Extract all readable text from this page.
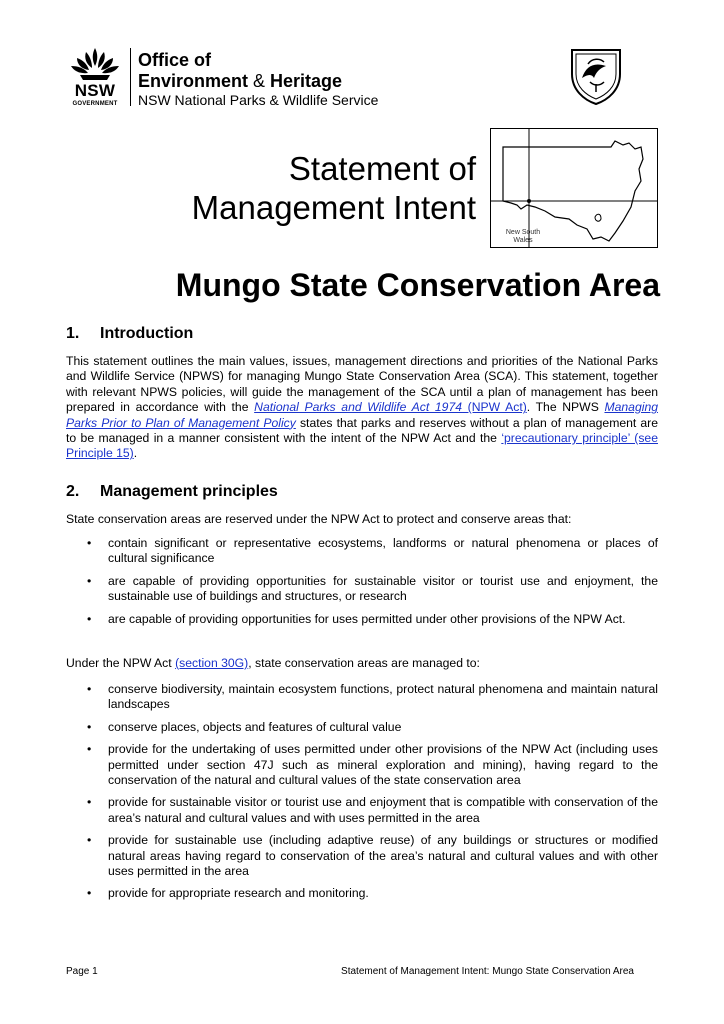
NSW
GOVERNMENT
Office of
Environment & Heritage
NSW National Parks & Wildlife Service
Statement of
Management Intent
New South Wales
Mungo State Conservation Area
1. Introduction
This statement outlines the main values, issues, management directions and priorities of the National Parks and Wildlife Service (NPWS) for managing Mungo State Conservation Area (SCA). This statement, together with relevant NPWS policies, will guide the management of the SCA until a plan of management has been prepared in accordance with the National Parks and Wildlife Act 1974 (NPW Act). The NPWS Managing Parks Prior to Plan of Management Policy states that parks and reserves without a plan of management are to be managed in a manner consistent with the intent of the NPW Act and the ‘precautionary principle’ (see Principle 15).
2. Management principles
State conservation areas are reserved under the NPW Act to protect and conserve areas that:
• contain significant or representative ecosystems, landforms or natural phenomena or places of cultural significance
• are capable of providing opportunities for sustainable visitor or tourist use and enjoyment, the sustainable use of buildings and structures, or research
• are capable of providing opportunities for uses permitted under other provisions of the NPW Act.
Under the NPW Act (section 30G), state conservation areas are managed to:
• conserve biodiversity, maintain ecosystem functions, protect natural phenomena and maintain natural landscapes
• conserve places, objects and features of cultural value
• provide for the undertaking of uses permitted under other provisions of the NPW Act (including uses permitted under section 47J such as mineral exploration and mining), having regard to the conservation of the natural and cultural values of the state conservation area
• provide for sustainable visitor or tourist use and enjoyment that is compatible with conservation of the area’s natural and cultural values and with uses permitted in the area
• provide for sustainable use (including adaptive reuse) of any buildings or structures or modified natural areas having regard to conservation of the area’s natural and cultural values and with other uses permitted in the area
• provide for appropriate research and monitoring.
Page 1	Statement of Management Intent: Mungo State Conservation Area
